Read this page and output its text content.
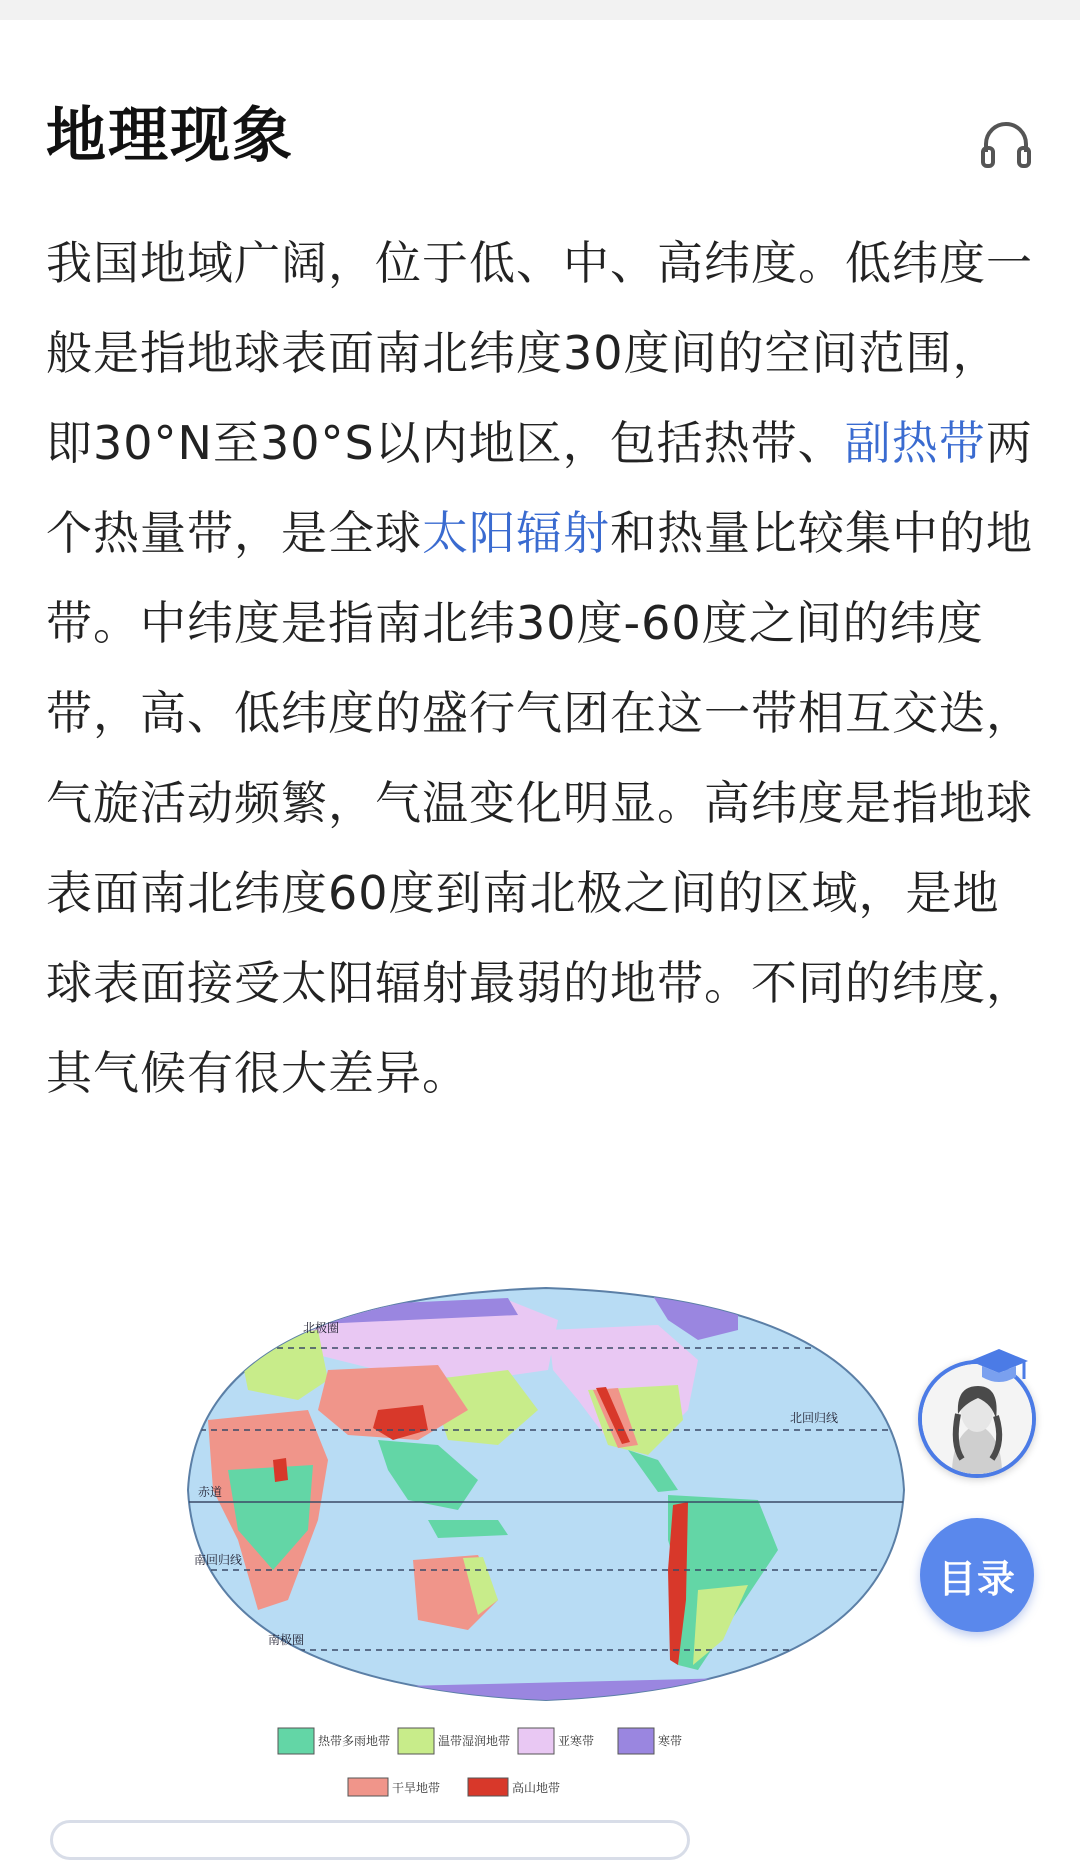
地理现象
我国地域广阔，位于低、中、高纬度。低纬度一般是指地球表面南北纬度30度间的空间范围，即30°N至30°S以内地区，包括热带、副热带两个热量带，是全球太阳辐射和热量比较集中的地带。中纬度是指南北纬30度-60度之间的纬度带，高、低纬度的盛行气团在这一带相互交迭，气旋活动频繁，气温变化明显。高纬度是指地球表面南北纬度60度到南北极之间的区域，是地球表面接受太阳辐射最弱的地带。不同的纬度，其气候有很大差异。
北极圈
北回归线
赤道
南回归线
南极圈
热带多雨地带	温带湿润地带	亚寒带	寒带
干旱地带	高山地带
目录
